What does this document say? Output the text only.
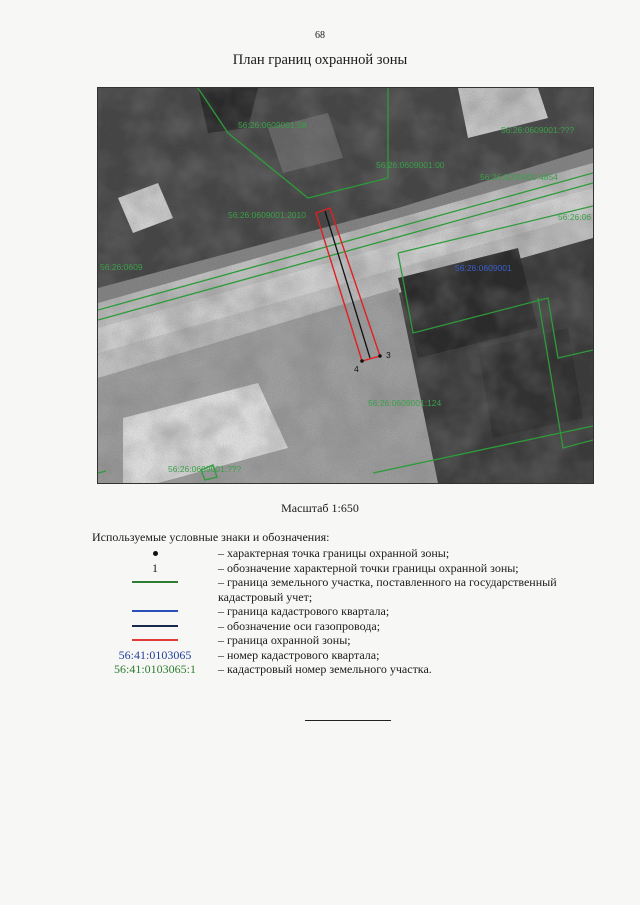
68
План границ охранной зоны
3
4
56:26:0609001:58	56:26:0609001:???
56:26:0609001:00
56:26:0000000:4854
56:26:06
56:26:0609001:2010
56:26:0609	56:26:0609001
56:26:0609001:124
56:26:0609001:???
Масштаб 1:650
Используемые условные знаки и обозначения:
– характерная точка границы охранной зоны;
1	– обозначение характерной точки границы охранной зоны;
– граница земельного участка, поставленного на государственный кадастровый учет;
– граница кадастрового квартала;
– обозначение оси газопровода;
– граница охранной зоны;
56:41:0103065 – номер кадастрового квартала;
56:41:0103065:1 – кадастровый номер земельного участка.
